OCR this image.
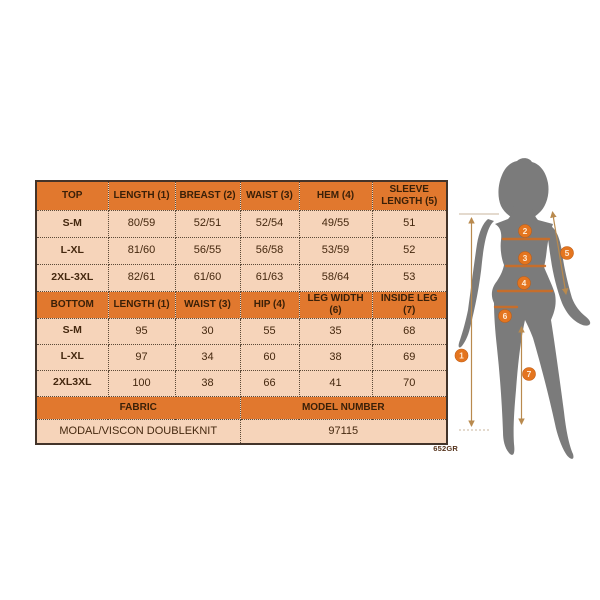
TOP	LENGTH (1)	BREAST (2)	WAIST (3)	HEM (4)	SLEEVE LENGTH (5)
S-M	80/59	52/51	52/54	49/55	51
L-XL	81/60	56/55	56/58	53/59	52
2XL-3XL	82/61	61/60	61/63	58/64	53
BOTTOM	LENGTH (1)	WAIST (3)	HIP (4)	LEG WIDTH (6)	INSIDE LEG (7)
S-M	95	30	55	35	68
L-XL	97	34	60	38	69
2XL3XL	100	38	66	41	70
FABRIC			MODEL NUMBER		
MODAL/VISCON DOUBLEKNIT			97115		
652GR
1
2
3
4
5
6
7
